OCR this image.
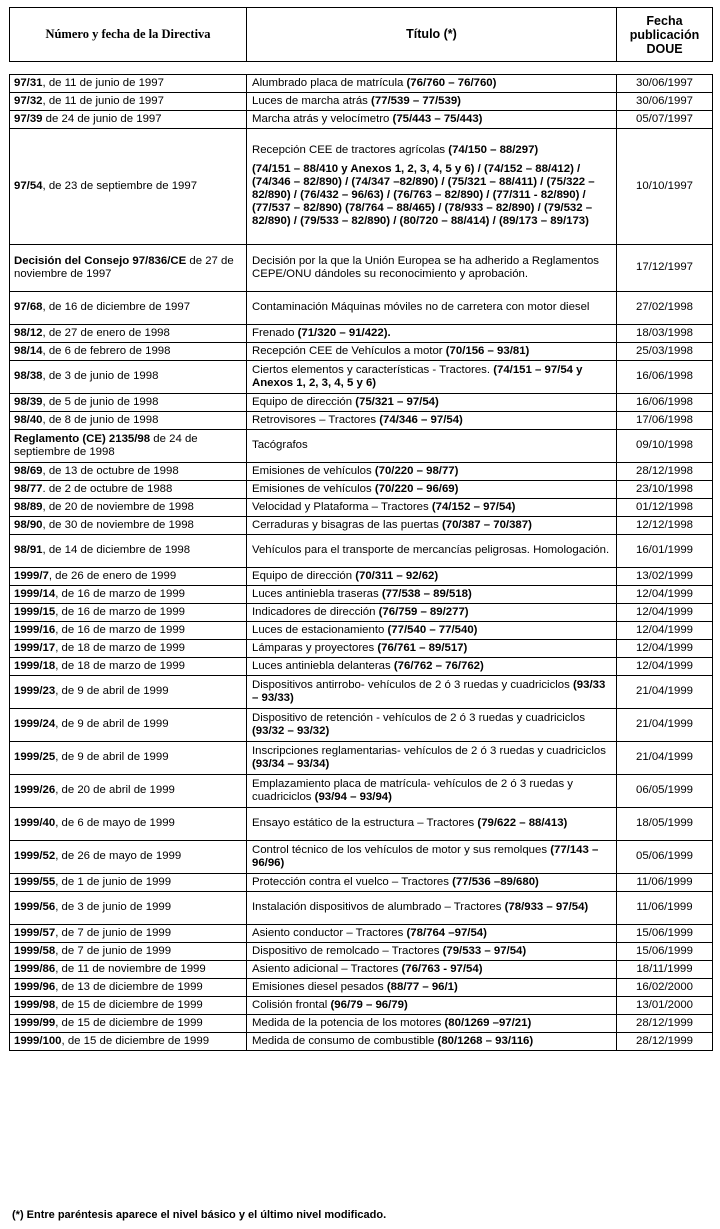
Número y fecha de la Directiva	Título (*)	Fecha
publicación
DOUE
97/31, de 11 de junio de 1997	Alumbrado placa de matrícula (76/760 – 76/760)	30/06/1997
97/32, de 11 de junio de 1997	Luces de marcha atrás (77/539 – 77/539)	30/06/1997
97/39 de 24 de junio de 1997	Marcha atrás y velocímetro (75/443 – 75/443)	05/07/1997
97/54, de 23 de septiembre de 1997	Recepción CEE de tractores agrícolas (74/150 – 88/297)
(74/151 – 88/410 y Anexos 1, 2, 3, 4, 5 y 6) / (74/152 – 88/412) / (74/346 – 82/890) / (74/347 –82/890) / (75/321 – 88/411) / (75/322 – 82/890) / (76/432 – 96/63) / (76/763 – 82/890) / (77/311 - 82/890) / (77/537 – 82/890) (78/764 – 88/465) / (78/933 – 82/890) / (79/532 – 82/890) / (79/533 – 82/890) / (80/720 – 88/414) / (89/173 – 89/173)	10/10/1997
Decisión del Consejo 97/836/CE de 27 de noviembre de 1997	Decisión por la que la Unión Europea se ha adherido a Reglamentos CEPE/ONU dándoles su reconocimiento y aprobación.	17/12/1997
97/68, de 16 de diciembre de 1997	Contaminación Máquinas móviles no de carretera con motor diesel	27/02/1998
98/12, de 27 de enero de 1998	Frenado (71/320 – 91/422).	18/03/1998
98/14, de 6 de febrero de 1998	Recepción CEE de Vehículos a motor (70/156 – 93/81)	25/03/1998
98/38, de 3 de junio de 1998	Ciertos elementos y características - Tractores. (74/151 – 97/54 y Anexos 1, 2, 3, 4, 5 y 6)	16/06/1998
98/39, de 5 de junio de 1998	Equipo de dirección (75/321 – 97/54)	16/06/1998
98/40, de 8 de junio de 1998	Retrovisores – Tractores (74/346 – 97/54)	17/06/1998
Reglamento (CE) 2135/98 de 24 de septiembre de 1998	Tacógrafos	09/10/1998
98/69, de 13 de octubre de 1998	Emisiones de vehículos (70/220 – 98/77)	28/12/1998
98/77. de 2 de octubre de 1988	Emisiones de vehículos (70/220 – 96/69)	23/10/1998
98/89, de 20 de noviembre de 1998	Velocidad y Plataforma – Tractores (74/152 – 97/54)	01/12/1998
98/90, de 30 de noviembre de 1998	Cerraduras y bisagras de las puertas (70/387 – 70/387)	12/12/1998
98/91, de 14 de diciembre de 1998	Vehículos para el transporte de mercancías peligrosas. Homologación.	16/01/1999
1999/7, de 26 de enero de 1999	Equipo de dirección (70/311 – 92/62)	13/02/1999
1999/14, de 16 de marzo de 1999	Luces antiniebla traseras (77/538 – 89/518)	12/04/1999
1999/15, de 16 de marzo de 1999	Indicadores de dirección (76/759 – 89/277)	12/04/1999
1999/16, de 16 de marzo de 1999	Luces de estacionamiento (77/540 – 77/540)	12/04/1999
1999/17, de 18 de marzo de 1999	Lámparas y proyectores (76/761 – 89/517)	12/04/1999
1999/18, de 18 de marzo de 1999	Luces antiniebla delanteras (76/762 – 76/762)	12/04/1999
1999/23, de 9 de abril de 1999	Dispositivos antirrobo- vehículos de 2 ó 3 ruedas y cuadriciclos (93/33 – 93/33)	21/04/1999
1999/24, de 9 de abril de 1999	Dispositivo de retención - vehículos de 2 ó 3 ruedas y cuadriciclos (93/32 – 93/32)	21/04/1999
1999/25, de 9 de abril de 1999	Inscripciones reglamentarias- vehículos de 2 ó 3 ruedas y cuadriciclos (93/34 – 93/34)	21/04/1999
1999/26, de 20 de abril de 1999	Emplazamiento placa de matrícula- vehículos de 2 ó 3 ruedas y cuadriciclos (93/94 – 93/94)	06/05/1999
1999/40, de 6 de mayo de 1999	Ensayo estático de la estructura – Tractores (79/622 – 88/413)	18/05/1999
1999/52, de 26 de mayo de 1999	Control técnico de los vehículos de motor y sus remolques (77/143 – 96/96)	05/06/1999
1999/55, de 1 de junio de 1999	Protección contra el vuelco – Tractores (77/536 –89/680)	11/06/1999
1999/56, de 3 de junio de 1999	Instalación dispositivos de alumbrado – Tractores (78/933 – 97/54)	11/06/1999
1999/57, de 7 de junio de 1999	Asiento conductor – Tractores (78/764 –97/54)	15/06/1999
1999/58, de 7 de junio de 1999	Dispositivo de remolcado – Tractores (79/533 – 97/54)	15/06/1999
1999/86, de 11 de noviembre de 1999	Asiento adicional – Tractores (76/763 - 97/54)	18/11/1999
1999/96, de 13 de diciembre de 1999	Emisiones diesel pesados (88/77 – 96/1)	16/02/2000
1999/98, de 15 de diciembre de 1999	Colisión frontal (96/79 – 96/79)	13/01/2000
1999/99, de 15 de diciembre de 1999	Medida de la potencia de los motores (80/1269 –97/21)	28/12/1999
1999/100, de 15 de diciembre de 1999	Medida de consumo de combustible (80/1268 – 93/116)	28/12/1999
(*) Entre paréntesis aparece el nivel básico y el último nivel modificado.
